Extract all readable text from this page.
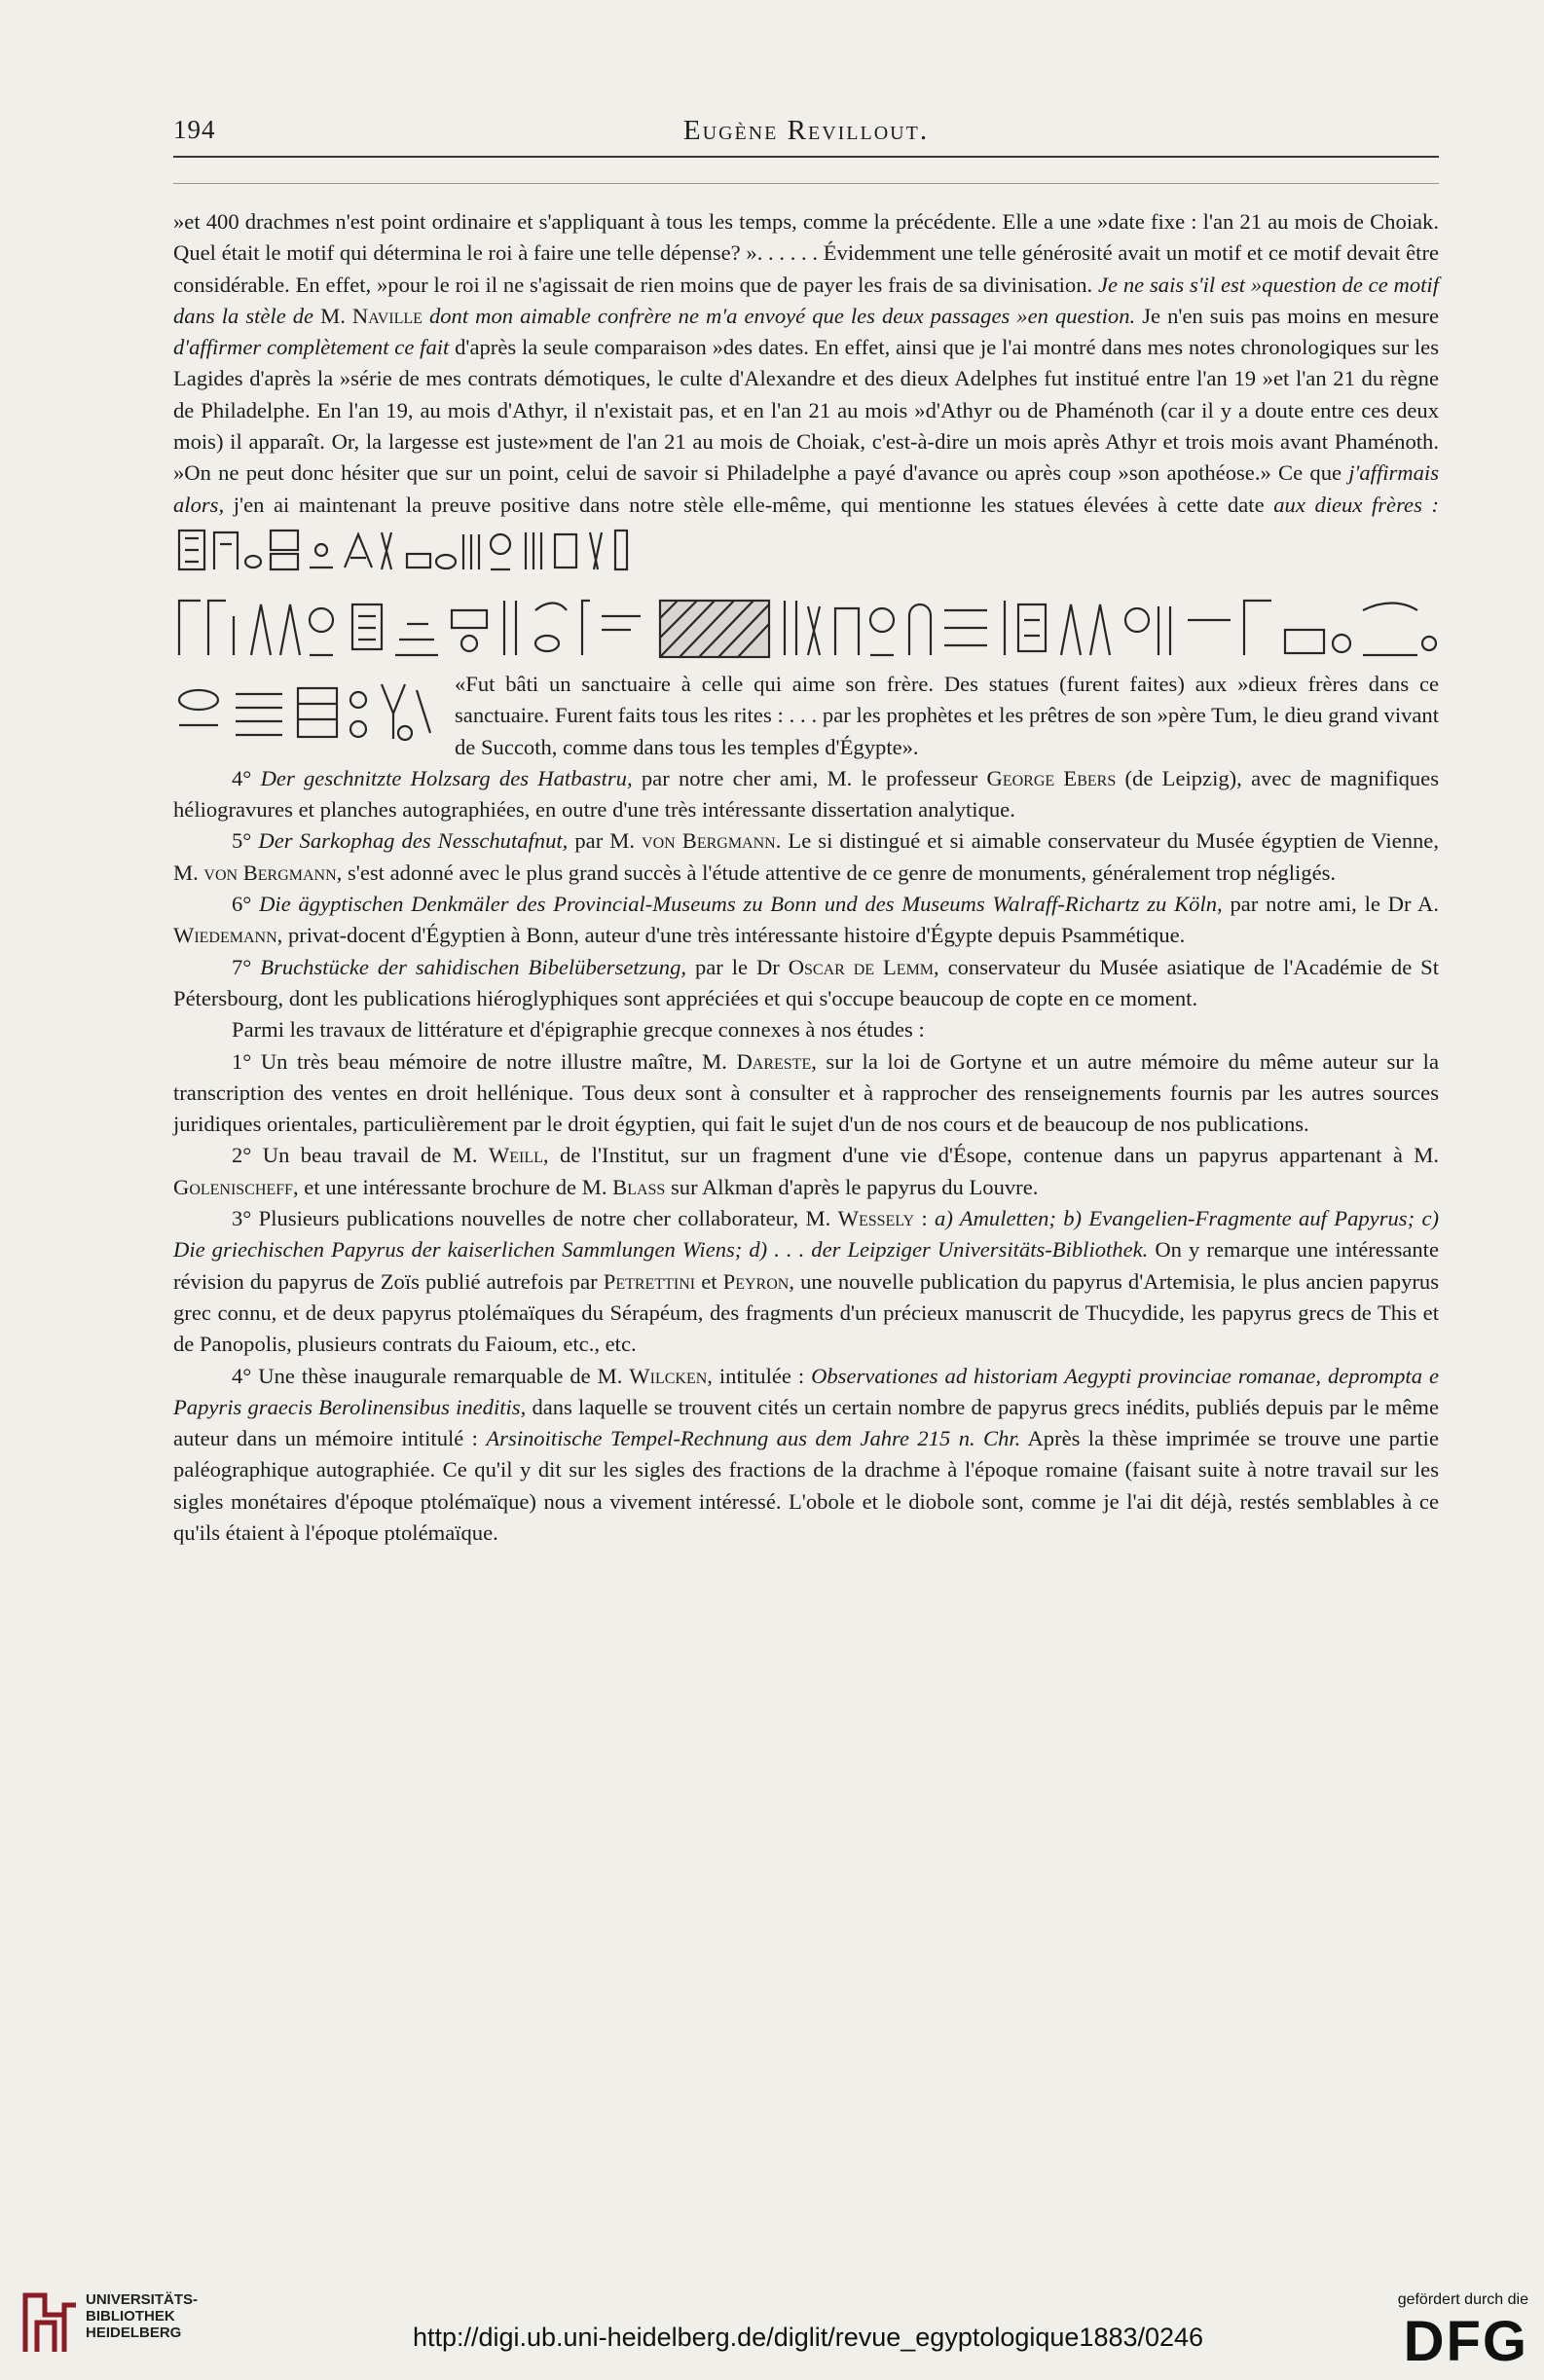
194	Eugène Revillout.

»et 400 drachmes n'est point ordinaire et s'appliquant à tous les temps, comme la précédente. Elle a une »date fixe : l'an 21 au mois de Choiak. Quel était le motif qui détermina le roi à faire une telle dépense? ». . . . . . Évidemment une telle générosité avait un motif et ce motif devait être considérable. En effet, »pour le roi il ne s'agissait de rien moins que de payer les frais de sa divinisation. Je ne sais s'il est »question de ce motif dans la stèle de M. Naville dont mon aimable confrère ne m'a envoyé que les deux passages »en question. Je n'en suis pas moins en mesure d'affirmer complètement ce fait d'après la seule comparaison »des dates. En effet, ainsi que je l'ai montré dans mes notes chronologiques sur les Lagides d'après la »série de mes contrats démotiques, le culte d'Alexandre et des dieux Adelphes fut institué entre l'an 19 »et l'an 21 du règne de Philadelphe. En l'an 19, au mois d'Athyr, il n'existait pas, et en l'an 21 au mois »d'Athyr ou de Phaménoth (car il y a doute entre ces deux mois) il apparaît. Or, la largesse est juste»ment de l'an 21 au mois de Choiak, c'est-à-dire un mois après Athyr et trois mois avant Phaménoth. »On ne peut donc hésiter que sur un point, celui de savoir si Philadelphe a payé d'avance ou après coup »son apothéose.» Ce que j'affirmais alors, j'en ai maintenant la preuve positive dans notre stèle elle-même, qui mentionne les statues élevées à cette date aux dieux frères :
«Fut bâti un sanctuaire à celle qui aime son frère. Des statues (furent faites) aux »dieux frères dans ce sanctuaire. Furent faits tous les rites : . . . par les prophètes et les prêtres de son »père Tum, le dieu grand vivant de Succoth, comme dans tous les temples d'Égypte».

4° Der geschnitzte Holzsarg des Hatbastru, par notre cher ami, M. le professeur George Ebers (de Leipzig), avec de magnifiques héliogravures et planches autographiées, en outre d'une très intéressante dissertation analytique.

5° Der Sarkophag des Nesschutafnut, par M. von Bergmann. Le si distingué et si aimable conservateur du Musée égyptien de Vienne, M. von Bergmann, s'est adonné avec le plus grand succès à l'étude attentive de ce genre de monuments, généralement trop négligés.

6° Die ägyptischen Denkmäler des Provincial-Museums zu Bonn und des Museums Walraff-Richartz zu Köln, par notre ami, le Dr A. Wiedemann, privat-docent d'Égyptien à Bonn, auteur d'une très intéressante histoire d'Égypte depuis Psammétique.

7° Bruchstücke der sahidischen Bibelübersetzung, par le Dr Oscar de Lemm, conservateur du Musée asiatique de l'Académie de St Pétersbourg, dont les publications hiéroglyphiques sont appréciées et qui s'occupe beaucoup de copte en ce moment.

Parmi les travaux de littérature et d'épigraphie grecque connexes à nos études :

1° Un très beau mémoire de notre illustre maître, M. Dareste, sur la loi de Gortyne et un autre mémoire du même auteur sur la transcription des ventes en droit hellénique. Tous deux sont à consulter et à rapprocher des renseignements fournis par les autres sources juridiques orientales, particulièrement par le droit égyptien, qui fait le sujet d'un de nos cours et de beaucoup de nos publications.

2° Un beau travail de M. Weill, de l'Institut, sur un fragment d'une vie d'Ésope, contenue dans un papyrus appartenant à M. Golenischeff, et une intéressante brochure de M. Blass sur Alkman d'après le papyrus du Louvre.

3° Plusieurs publications nouvelles de notre cher collaborateur, M. Wessely : a) Amuletten; b) Evangelien-Fragmente auf Papyrus; c) Die griechischen Papyrus der kaiserlichen Sammlungen Wiens; d) . . . der Leipziger Universitäts-Bibliothek. On y remarque une intéressante révision du papyrus de Zoïs publié autrefois par Petrettini et Peyron, une nouvelle publication du papyrus d'Artemisia, le plus ancien papyrus grec connu, et de deux papyrus ptolémaïques du Sérapéum, des fragments d'un précieux manuscrit de Thucydide, les papyrus grecs de This et de Panopolis, plusieurs contrats du Faioum, etc., etc.

4° Une thèse inaugurale remarquable de M. Wilcken, intitulée : Observationes ad historiam Aegypti provinciae romanae, deprompta e Papyris graecis Berolinensibus ineditis, dans laquelle se trouvent cités un certain nombre de papyrus grecs inédits, publiés depuis par le même auteur dans un mémoire intitulé : Arsinoitische Tempel-Rechnung aus dem Jahre 215 n. Chr. Après la thèse imprimée se trouve une partie paléographique autographiée. Ce qu'il y dit sur les sigles des fractions de la drachme à l'époque romaine (faisant suite à notre travail sur les sigles monétaires d'époque ptolémaïque) nous a vivement intéressé. L'obole et le diobole sont, comme je l'ai dit déjà, restés semblables à ce qu'ils étaient à l'époque ptolémaïque.

UNIVERSITÄTS-
BIBLIOTHEK
HEIDELBERG	http://digi.ub.uni-heidelberg.de/diglit/revue_egyptologique1883/0246
gefördert durch die
DFG
